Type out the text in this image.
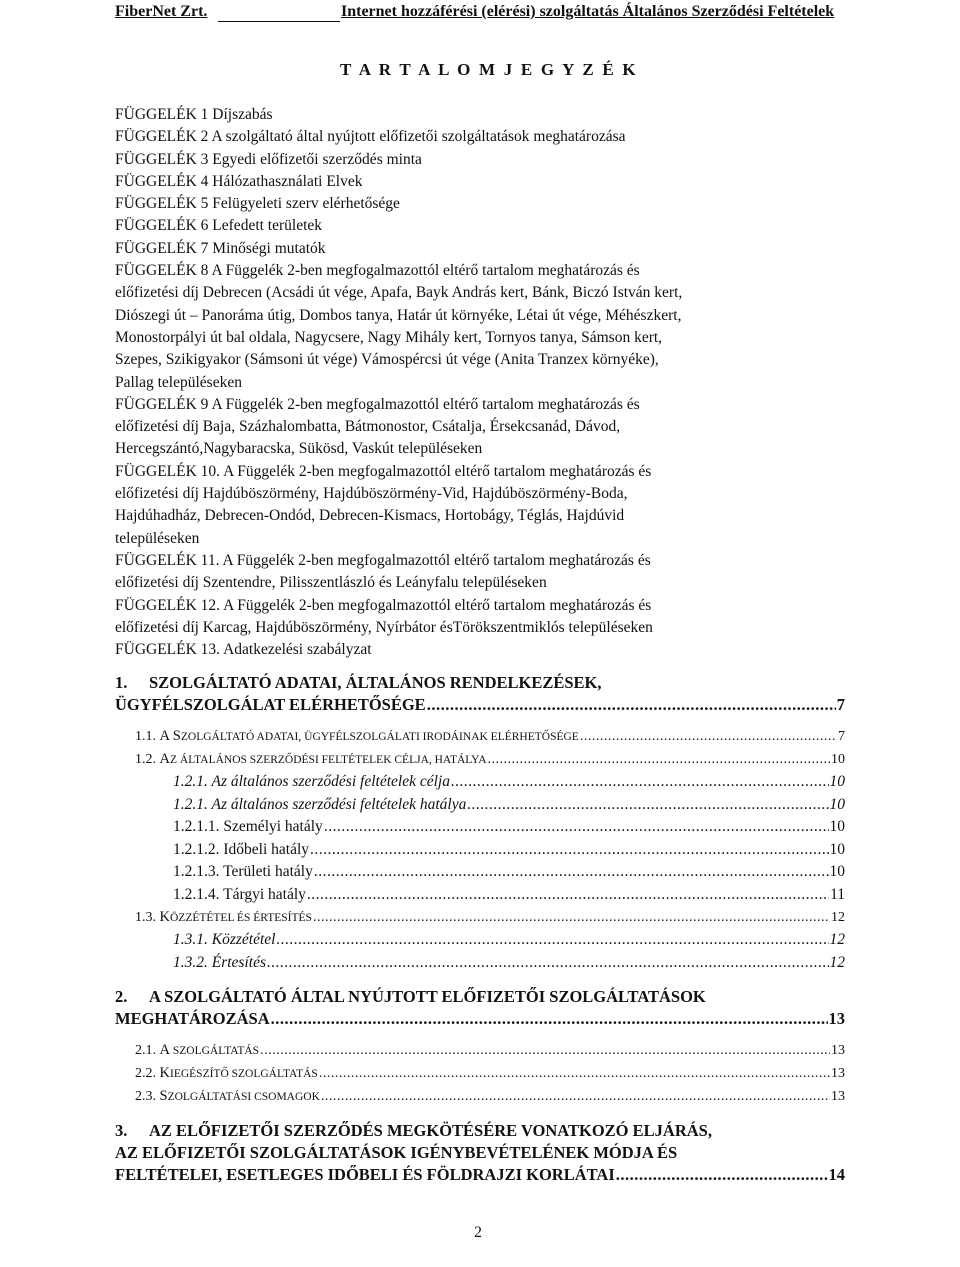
FiberNet Zrt.	Internet hozzáférési (elérési) szolgáltatás Általános Szerződési Feltételek
T A R T A L O M J E G Y Z É K
FÜGGELÉK 1 Díjszabás
FÜGGELÉK 2 A szolgáltató által nyújtott előfizetői szolgáltatások meghatározása
FÜGGELÉK 3 Egyedi előfizetői szerződés minta
FÜGGELÉK 4 Hálózathasználati Elvek
FÜGGELÉK 5 Felügyeleti szerv elérhetősége
FÜGGELÉK 6 Lefedett területek
FÜGGELÉK 7 Minőségi mutatók
FÜGGELÉK 8 A Függelék 2-ben megfogalmazottól eltérő tartalom meghatározás és
előfizetési díj Debrecen (Acsádi út vége, Apafa, Bayk András kert, Bánk, Biczó István kert,
Diószegi út – Panoráma útig, Dombos tanya, Határ út környéke, Létai út vége, Méhészkert,
Monostorpályi út bal oldala, Nagycsere, Nagy Mihály kert, Tornyos tanya, Sámson kert,
Szepes, Szikigyakor (Sámsoni út vége) Vámospércsi út vége (Anita Tranzex környéke),
Pallag településeken
FÜGGELÉK 9 A Függelék 2-ben megfogalmazottól eltérő tartalom meghatározás és
előfizetési díj Baja, Százhalombatta, Bátmonostor, Csátalja, Érsekcsanád, Dávod,
Hercegszántó,Nagybaracska, Sükösd, Vaskút településeken
FÜGGELÉK 10. A Függelék 2-ben megfogalmazottól eltérő tartalom meghatározás és
előfizetési díj Hajdúböszörmény, Hajdúböszörmény-Vid, Hajdúböszörmény-Boda,
Hajdúhadház, Debrecen-Ondód, Debrecen-Kismacs, Hortobágy, Téglás, Hajdúvid
településeken
FÜGGELÉK 11. A Függelék 2-ben megfogalmazottól eltérő tartalom meghatározás és
előfizetési díj Szentendre, Pilisszentlászló és Leányfalu településeken
FÜGGELÉK 12. A Függelék 2-ben megfogalmazottól eltérő tartalom meghatározás és
előfizetési díj Karcag, Hajdúböszörmény, Nyírbátor ésTörökszentmiklós településeken
FÜGGELÉK 13. Adatkezelési szabályzat
1. SZOLGÁLTATÓ ADATAI, ÁLTALÁNOS RENDELKEZÉSEK,
ÜGYFÉLSZOLGÁLAT ELÉRHETŐSÉGE .....	7
1.1. A SZOLGÁLTATÓ ADATAI, ÜGYFÉLSZOLGÁLATI IRODÁINAK ELÉRHETŐSÉGE .....	7
1.2. AZ ÁLTALÁNOS SZERZŐDÉSI FELTÉTELEK CÉLJA, HATÁLYA .....	10
1.2.1. Az általános szerződési feltételek célja .....	10
1.2.1. Az általános szerződési feltételek hatálya .....	10
1.2.1.1. Személyi hatály .....	10
1.2.1.2. Időbeli hatály .....	10
1.2.1.3. Területi hatály .....	10
1.2.1.4. Tárgyi hatály .....	11
1.3. KÖZZÉTÉTEL ÉS ÉRTESÍTÉS .....	12
1.3.1. Közzététel .....	12
1.3.2. Értesítés .....	12
2. A SZOLGÁLTATÓ ÁLTAL NYÚJTOTT ELŐFIZETŐI SZOLGÁLTATÁSOK
MEGHATÁROZÁSA .....	13
2.1. A SZOLGÁLTATÁS .....	13
2.2. KIEGÉSZÍTŐ SZOLGÁLTATÁS .....	13
2.3. SZOLGÁLTATÁSI CSOMAGOK .....	13
3. AZ ELŐFIZETŐI SZERZŐDÉS MEGKÖTÉSÉRE VONATKOZÓ ELJÁRÁS,
AZ ELŐFIZETŐI SZOLGÁLTATÁSOK IGÉNYBEVÉTELÉNEK MÓDJA ÉS
FELTÉTELEI, ESETLEGES IDŐBELI ÉS FÖLDRAJZI KORLÁTAI .....	14
2
